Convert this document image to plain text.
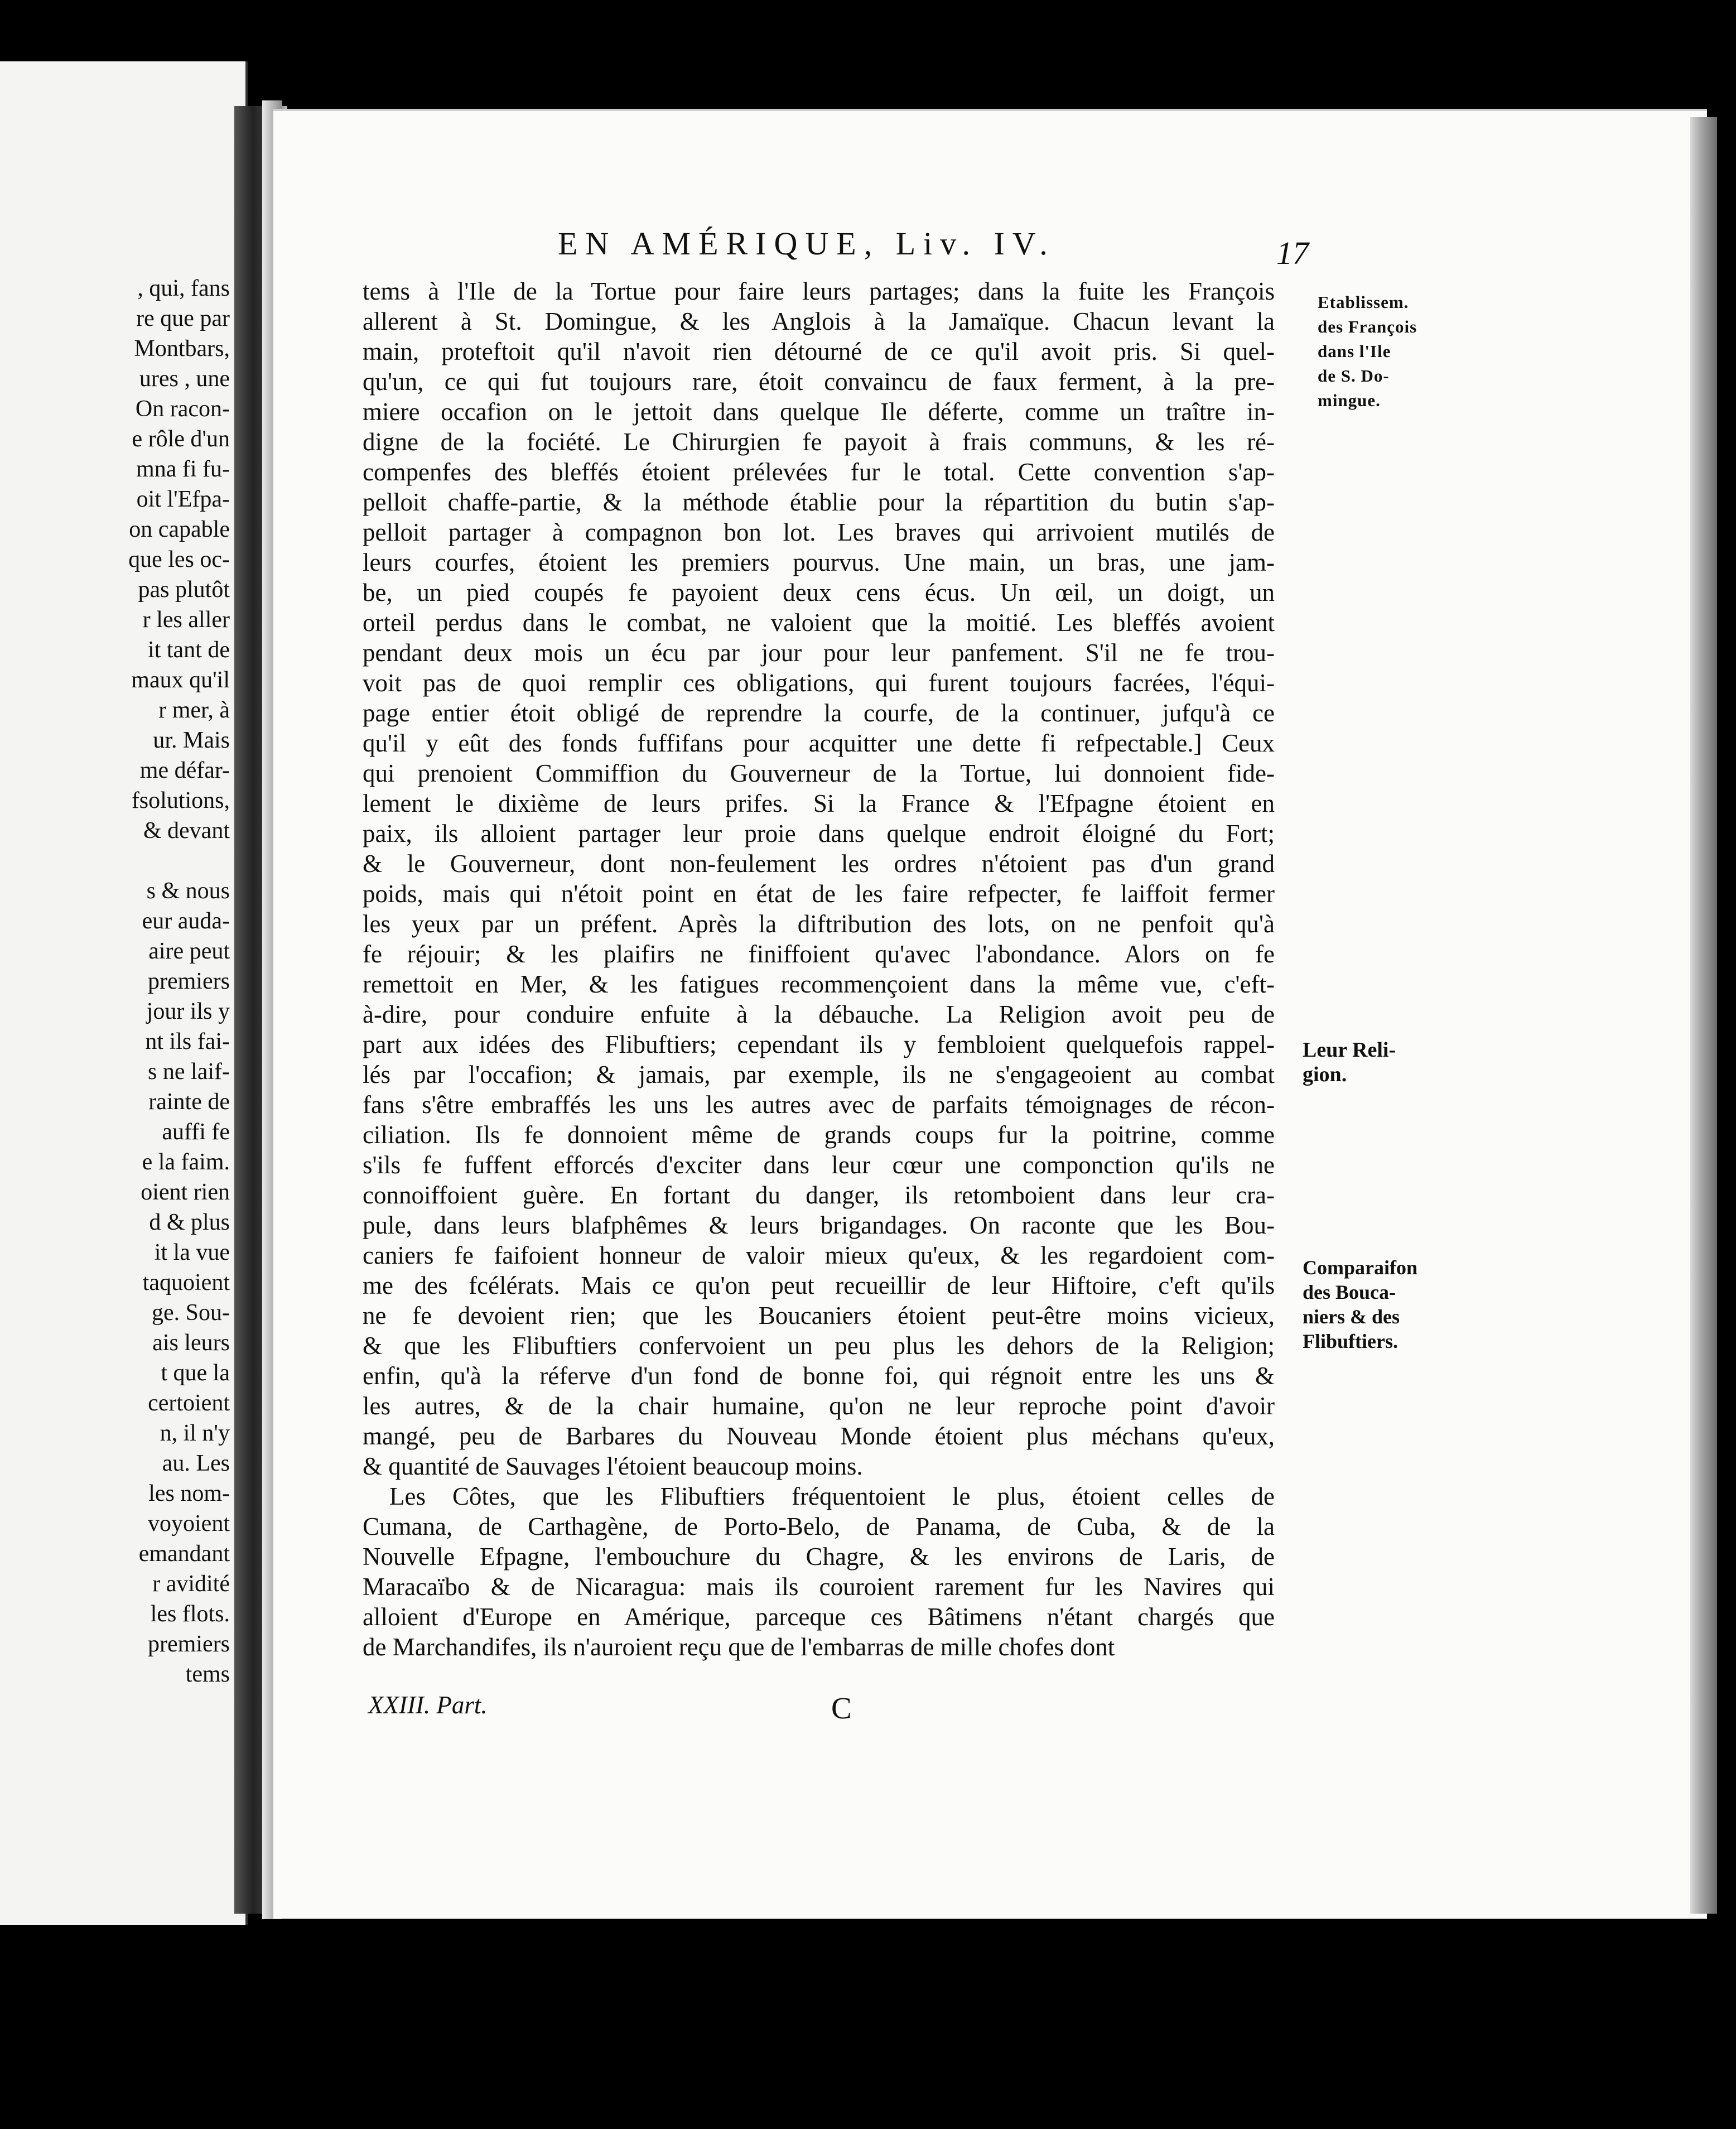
, qui, fans
re que par
Montbars,
ures , une
On racon-
e rôle d'un
mna fi fu-
oit l'Efpa-
on capable
que les oc-
pas plutôt
r les aller
it tant de
maux qu'il
r mer, à
ur. Mais
me défar-
fsolutions,
& devant
s & nous
eur auda-
aire peut
premiers
jour ils y
nt ils fai-
s ne laif-
rainte de
auffi fe
e la faim.
oient rien
d & plus
it la vue
taquoient
ge. Sou-
ais leurs
t que la
certoient
n, il n'y
au. Les
les nom-
voyoient
emandant
r avidité
les flots.
premiers
tems
EN AMÉRIQUE, Liv. IV.	17
tems à l'Ile de la Tortue pour faire leurs partages; dans la fuite les François
allerent à St. Domingue, & les Anglois à la Jamaïque. Chacun levant la
main, proteftoit qu'il n'avoit rien détourné de ce qu'il avoit pris. Si quel-
qu'un, ce qui fut toujours rare, étoit convaincu de faux ferment, à la pre-
miere occafion on le jettoit dans quelque Ile déferte, comme un traître in-
digne de la fociété. Le Chirurgien fe payoit à frais communs, & les ré-
compenfes des bleffés étoient prélevées fur le total. Cette convention s'ap-
pelloit chaffe-partie, & la méthode établie pour la répartition du butin s'ap-
pelloit partager à compagnon bon lot. Les braves qui arrivoient mutilés de
leurs courfes, étoient les premiers pourvus. Une main, un bras, une jam-
be, un pied coupés fe payoient deux cens écus. Un œil, un doigt, un
orteil perdus dans le combat, ne valoient que la moitié. Les bleffés avoient
pendant deux mois un écu par jour pour leur panfement. S'il ne fe trou-
voit pas de quoi remplir ces obligations, qui furent toujours facrées, l'équi-
page entier étoit obligé de reprendre la courfe, de la continuer, jufqu'à ce
qu'il y eût des fonds fuffifans pour acquitter une dette fi refpectable.] Ceux
qui prenoient Commiffion du Gouverneur de la Tortue, lui donnoient fide-
lement le dixième de leurs prifes. Si la France & l'Efpagne étoient en
paix, ils alloient partager leur proie dans quelque endroit éloigné du Fort;
& le Gouverneur, dont non-feulement les ordres n'étoient pas d'un grand
poids, mais qui n'étoit point en état de les faire refpecter, fe laiffoit fermer
les yeux par un préfent. Après la diftribution des lots, on ne penfoit qu'à
fe réjouir; & les plaifirs ne finiffoient qu'avec l'abondance. Alors on fe
remettoit en Mer, & les fatigues recommençoient dans la même vue, c'eft-
à-dire, pour conduire enfuite à la débauche. La Religion avoit peu de
part aux idées des Flibuftiers; cependant ils y fembloient quelquefois rappel-
lés par l'occafion; & jamais, par exemple, ils ne s'engageoient au combat
fans s'être embraffés les uns les autres avec de parfaits témoignages de récon-
ciliation. Ils fe donnoient même de grands coups fur la poitrine, comme
s'ils fe fuffent efforcés d'exciter dans leur cœur une componction qu'ils ne
connoiffoient guère. En fortant du danger, ils retomboient dans leur cra-
pule, dans leurs blafphêmes & leurs brigandages. On raconte que les Bou-
caniers fe faifoient honneur de valoir mieux qu'eux, & les regardoient com-
me des fcélérats. Mais ce qu'on peut recueillir de leur Hiftoire, c'eft qu'ils
ne fe devoient rien; que les Boucaniers étoient peut-être moins vicieux,
& que les Flibuftiers confervoient un peu plus les dehors de la Religion;
enfin, qu'à la réferve d'un fond de bonne foi, qui régnoit entre les uns &
les autres, & de la chair humaine, qu'on ne leur reproche point d'avoir
mangé, peu de Barbares du Nouveau Monde étoient plus méchans qu'eux,
& quantité de Sauvages l'étoient beaucoup moins.
Les Côtes, que les Flibuftiers fréquentoient le plus, étoient celles de
Cumana, de Carthagène, de Porto-Belo, de Panama, de Cuba, & de la
Nouvelle Efpagne, l'embouchure du Chagre, & les environs de Laris, de
Maracaïbo & de Nicaragua: mais ils couroient rarement fur les Navires qui
alloient d'Europe en Amérique, parceque ces Bâtimens n'étant chargés que
de Marchandifes, ils n'auroient reçu que de l'embarras de mille chofes dont
Etablissem.
des François
dans l'Ile
de S. Do-
mingue.
Leur Reli-
gion.
Comparaifon
des Bouca-
niers & des
Flibuftiers.
XXIII. Part.	C
